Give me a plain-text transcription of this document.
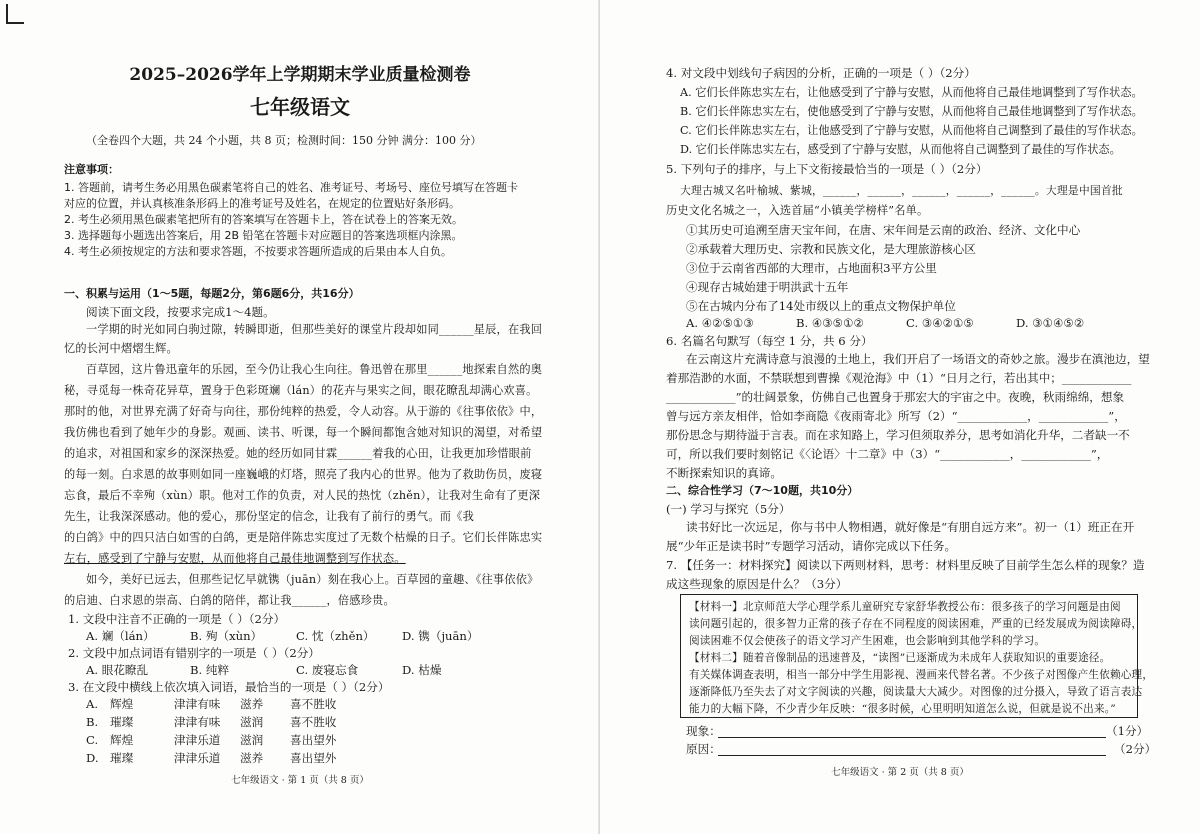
2025–2026学年上学期期末学业质量检测卷
七年级语文
（全卷四个大题，共 24 个小题，共 8 页；检测时间：150 分钟 满分：100 分）
注意事项：
1. 答题前，请考生务必用黑色碳素笔将自己的姓名、准考证号、考场号、座位号填写在答题卡
对应的位置，并认真核准条形码上的准考证号及姓名，在规定的位置贴好条形码。
2. 考生必须用黑色碳素笔把所有的答案填写在答题卡上，答在试卷上的答案无效。
3. 选择题每小题选出答案后，用 2B 铅笔在答题卡对应题目的答案选项框内涂黑。
4. 考生必须按规定的方法和要求答题，不按要求答题所造成的后果由本人自负。
一、积累与运用（1～5题，每题2分，第6题6分，共16分）
阅读下面文段，按要求完成1～4题。
一学期的时光如同白驹过隙，转瞬即逝，但那些美好的课堂片段却如同______星辰，在我回
忆的长河中熠熠生辉。
百草园，这片鲁迅童年的乐园，至今仍让我心生向往。鲁迅曾在那里______地探索自然的奥
秘，寻觅每一株奇花异草，置身于色彩斑斓（lán）的花卉与果实之间，眼花瞭乱却满心欢喜。
那时的他，对世界充满了好奇与向往，那份纯粹的热爱，令人动容。从于游的《往事依依》中，
我仿佛也看到了她年少的身影。观画、读书、听课，每一个瞬间都饱含她对知识的渴望，对希望
的追求，对祖国和家乡的深深热爱。她的经历如同甘霖______着我的心田，让我更加珍惜眼前
的每一刻。白求恩的故事则如同一座巍峨的灯塔，照亮了我内心的世界。他为了救助伤员，废寝
忘食，最后不幸殉（xùn）职。他对工作的负责，对人民的热忱（zhěn），让我对生命有了更深
先生，让我深深感动。他的爱心，那份坚定的信念，让我有了前行的勇气。而《我
的白鸽》中的四只洁白如雪的白鸽，更是陪伴陈忠实度过了无数个枯燥的日子。它们长伴陈忠实
左右，感受到了宁静与安慰，从而他将自己最佳地调整到写作状态。
如今，美好已远去，但那些记忆早就镌（juān）刻在我心上。百草园的童趣、《往事依依》
的启迪、白求恩的崇高、白鸽的陪伴，都让我______，倍感珍贵。
1. 文段中注音不正确的一项是（ ）（2分）
A. 斓（lán）	B. 殉（xùn）	C. 忱（zhěn） D. 镌（juān）
2. 文段中加点词语有错别字的一项是（ ）（2分）
A. 眼花瞭乱	B. 纯粹	C. 废寝忘食	D. 枯燥
3. 在文段中横线上依次填入词语，最恰当的一项是（ ）（2分）
A. 辉煌	津津有味 滋养 喜不胜收
B. 璀璨	津津有味 滋润 喜不胜收
C. 辉煌	津津乐道 滋润 喜出望外
D. 璀璨	津津乐道 滋养 喜出望外
七年级语文 · 第 1 页（共 8 页）
4. 对文段中划线句子病因的分析，正确的一项是（ ）（2分）
A. 它们长伴陈忠实左右，让他感受到了宁静与安慰，从而他将自己最佳地调整到了写作状态。
B. 它们长伴陈忠实左右，使他感受到了宁静与安慰，从而他将自己最佳地调整到了写作状态。
C. 它们长伴陈忠实左右，让他感受到了宁静与安慰，从而他将自己调整到了最佳的写作状态。
D. 它们长伴陈忠实左右，感受到了宁静与安慰，从而他将自己调整到了最佳的写作状态。
5. 下列句子的排序，与上下文衔接最恰当的一项是（ ）（2分）
大理古城又名叶榆城、紫城，______，______，______，______，______。大理是中国首批
历史文化名城之一，入选首届“小镇美学榜样”名单。
①其历史可追溯至唐天宝年间，在唐、宋年间是云南的政治、经济、文化中心
②承载着大理历史、宗教和民族文化，是大理旅游核心区
③位于云南省西部的大理市，占地面积3平方公里
④现存古城始建于明洪武十五年
⑤在古城内分布了14处市级以上的重点文物保护单位
A. ④②⑤①③	B. ④③⑤①②	C. ③④②①⑤	D. ③①④⑤②
6. 名篇名句默写（每空 1 分，共 6 分）
在云南这片充满诗意与浪漫的土地上，我们开启了一场语文的奇妙之旅。漫步在滇池边，望
着那浩渺的水面，不禁联想到曹操《观沧海》中（1）“日月之行，若出其中；____________
____________”的壮阔景象，仿佛自己也置身于那宏大的宇宙之中。夜晚，秋雨绵绵，想象
曾与远方亲友相伴，恰如李商隐《夜雨寄北》所写（2）“____________，____________”，
那份思念与期待溢于言表。而在求知路上，学习但须取养分，思考如消化升华，二者缺一不
可，所以我们要时刻铭记《〈论语〉十二章》中（3）“____________，____________”，
不断探索知识的真谛。
二、综合性学习（7～10题，共10分）
(一) 学习与探究（5分）
读书好比一次远足，你与书中人物相遇，就好像是“有朋自远方来”。初一（1）班正在开
展“少年正是读书时”专题学习活动，请你完成以下任务。
7. 【任务一：材料探究】阅读以下两则材料，思考：材料里反映了目前学生怎么样的现象？造
成这些现象的原因是什么？（3分）
【材料一】北京师范大学心理学系儿童研究专家舒华教授公布：很多孩子的学习问题是由阅
读问题引起的，很多智力正常的孩子存在不同程度的阅读困难，严重的已经发展成为阅读障碍，
阅读困难不仅会使孩子的语文学习产生困难，也会影响到其他学科的学习。
【材料二】随着音像制品的迅速普及，“读图”已逐渐成为未成年人获取知识的重要途径。
有关媒体调查表明，相当一部分中学生用影视、漫画来代替名著。不少孩子对图像产生依赖心理，
逐渐降低乃至失去了对文字阅读的兴趣，阅读量大大减少。对图像的过分摄入，导致了语言表达
能力的大幅下降，不少青少年反映：“很多时候，心里明明知道怎么说，但就是说不出来。”
现象：	（1分）
原因：	（2分）
七年级语文 · 第 2 页（共 8 页）
